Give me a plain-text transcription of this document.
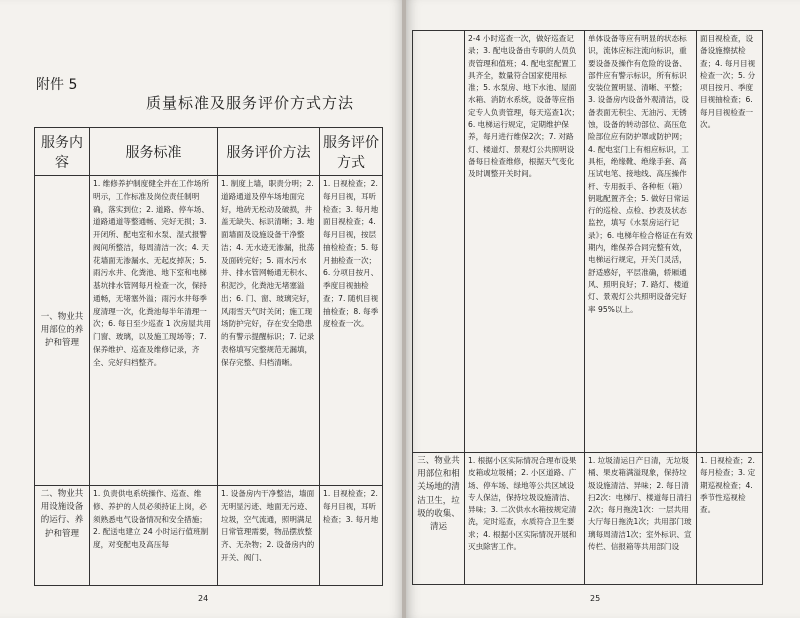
附件 5
质量标准及服务评价方式方法
服务内容	服务标准	服务评价方法	服务评价方式
一、物业共用部位的养护和管理	1. 维修养护制度健全并在工作场所明示，工作标准及岗位责任制明确，落实到位；2. 道路、停车场、道路通道等整通畅、完好无损；3. 开闭所、配电室和水泵、湿式报警阀间所整洁，每周清洁一次；4. 天花墙面无渗漏水、无起皮掉灰；5. 雨污水井、化粪池、地下室和电梯基坑排水管网每月检查一次，保持通畅，无堵塞外溢；雨污水井每季度清理一次，化粪池每半年清理一次；6. 每日至少巡查 1 次房屋共用门窗、玻璃，以及施工现场等；7. 保养维护、巡查及维修记录，齐全、完好归档整齐。	1. 制度上墙，职责分明；2. 道路通道及停车场地面完好，地砖无松动及破损，井盖无缺失、标识清晰；3. 地面墙面及设施设备干净整洁；4. 无水迹无渗漏，批荡及面砖完好；5. 雨水污水井、排水管网畅通无积水、积泥沙，化粪池无堵塞溢出；6. 门、窗、玻璃完好，风雨雪天气时关闭；施工现场防护完好，存在安全隐患的有警示提醒标识；7. 记录表格填写完整规范无漏填，保存完整、归档清晰。	1. 日视检查；2. 每月目视，耳听检查；3. 每月地面目视检查；4. 每月目视，按层抽检检查；5. 每月抽检查一次；6. 分项目按月、季度目视抽检查；7. 随机目视抽检查；8. 每季度检查一次。
二、物业共用设施设备的运行、养护和管理	1. 负责供电系统操作、巡查、维修、养护的人员必须持证上岗，必须熟悉电气设备情况和安全措施；2. 配送电建立 24 小时运行值班制度，对变配电及高压每	1. 设备房内干净整洁，墙面无明显污迹、地面无污迹、垃圾，空气流通，照明满足日常管理需要，物品摆放整齐、无杂物；2. 设备房内的开关、阀门、	1. 目视检查；2. 每月目视，耳听检查；3. 每月地
24
	2-4 小时巡查一次，做好巡查记录；3. 配电设备由专职的人员负责管理和值班；4. 配电室配置工具齐全，数量符合国家使用标准；5. 水泵房、地下水池、屋面水箱、消防水系统，设备等应指定专人负责管理，每天巡查1次；6. 电梯运行规定，定期维护保养，每月进行维保2次；7. 对路灯、楼道灯、景观灯公共照明设备每日检查维修，根据天气变化及时调整开关时间。	单体设备等应有明显的状态标识，流体应标注流向标识，重要设备及操作有危险的设备、部件应有警示标识，所有标识安装位置明显、清晰、平整；3. 设备房内设备外观清洁，设备表面无积尘、无油污、无锈蚀，设备的转动部位、高压危险部位应有防护罩或防护网；4. 配电室门上有相应标识，工具柜，绝缘靴、绝缘手套、高压试电笔、接地线、高压操作杆、专用扳手、各种柜（箱）钥匙配置齐全；5. 做好日常运行的巡检、点检、抄表及状态监控，填写《水泵房运行记录》；6. 电梯年检合格证在有效期内，维保养合同完整有效，电梯运行规定，开关门灵活，舒适感好，平层准确，轿厢通风、照明良好；7. 路灯、楼道灯、景观灯公共照明设备完好率 95%以上。	面目视检查，设备设施擦拭检查；4. 每月目视检查一次；5. 分项目按月、季度目视抽检查；6. 每月目视检查一次。
三、物业共用部位和相关场地的清洁卫生，垃圾的收集、清运	1. 根据小区实际情况合理布设果皮箱或垃圾桶；2. 小区道路、广场、停车场、绿地等公共区域设专人保洁，保持垃圾设施清洁、异味；3. 二次供水水箱按规定清洗，定时巡查，水质符合卫生要求；4. 根据小区实际情况开展和灭虫除害工作。	1. 垃圾清运日产日清，无垃圾桶、果皮箱满溢现象，保持垃圾设施清洁、异味；2. 每日清扫2次：电梯厅、楼道每日清扫2次；每月拖洗1次：一层共用大厅每日拖洗1次；共用部门玻璃每周清洁1次；室外标识、宣传栏、信报箱等共用部门设	1. 日视检查；2. 每月检查；3. 定期巡视检查；4. 季节性巡视检查。
25
